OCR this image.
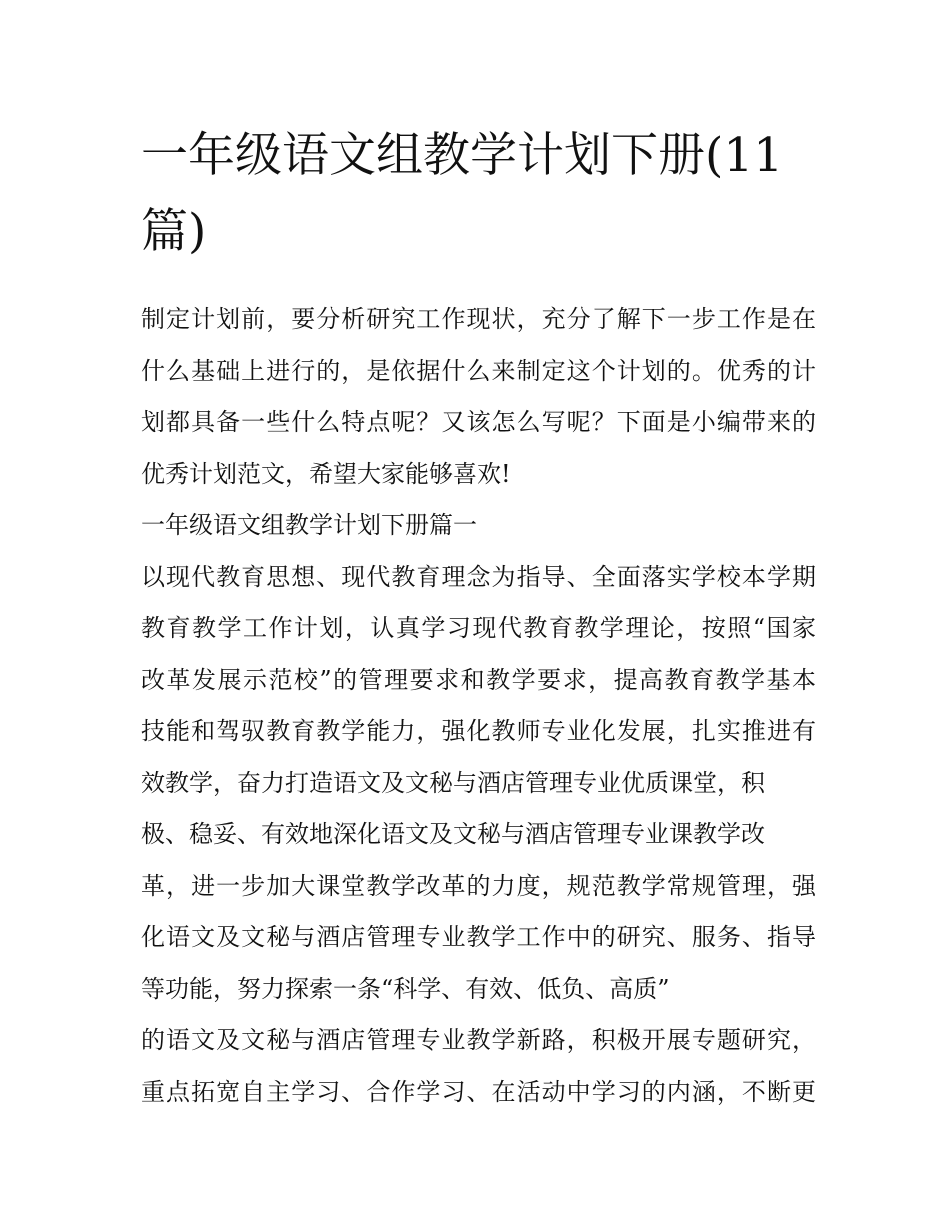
一年级语文组教学计划下册(11
篇)
制定计划前，要分析研究工作现状，充分了解下一步工作是在
什么基础上进行的，是依据什么来制定这个计划的。优秀的计
划都具备一些什么特点呢？又该怎么写呢？下面是小编带来的
优秀计划范文，希望大家能够喜欢!
一年级语文组教学计划下册篇一
以现代教育思想、现代教育理念为指导、全面落实学校本学期
教育教学工作计划，认真学习现代教育教学理论，按照“国家
改革发展示范校”的管理要求和教学要求，提高教育教学基本
技能和驾驭教育教学能力，强化教师专业化发展，扎实推进有
效教学，奋力打造语文及文秘与酒店管理专业优质课堂，积
极、稳妥、有效地深化语文及文秘与酒店管理专业课教学改
革，进一步加大课堂教学改革的力度，规范教学常规管理，强
化语文及文秘与酒店管理专业教学工作中的研究、服务、指导
等功能，努力探索一条“科学、有效、低负、高质”
的语文及文秘与酒店管理专业教学新路，积极开展专题研究，
重点拓宽自主学习、合作学习、在活动中学习的内涵，不断更
